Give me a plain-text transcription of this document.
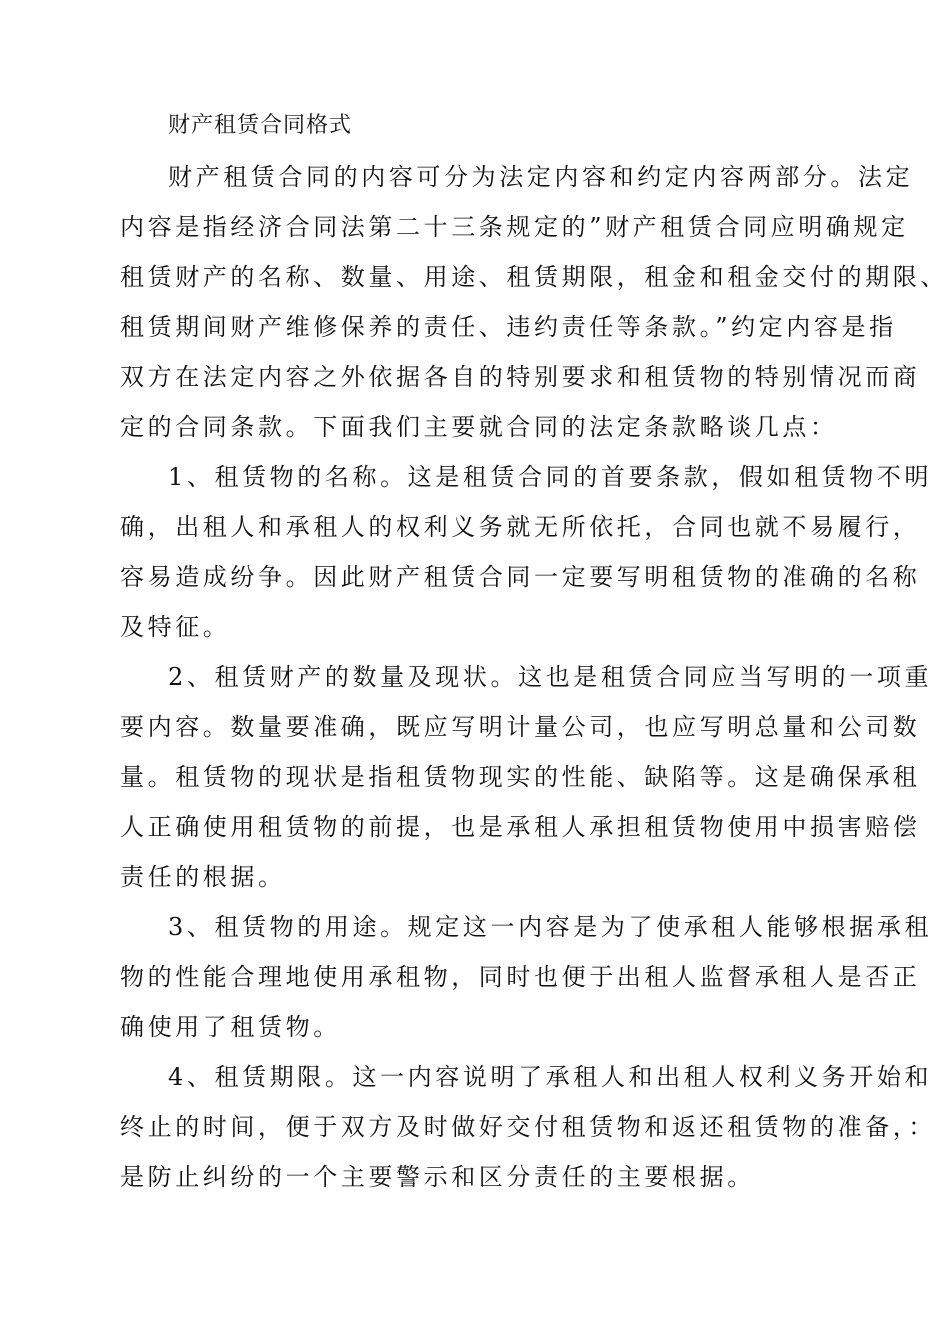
财产租赁合同格式
财产租赁合同的内容可分为法定内容和约定内容两部分。法定
内容是指经济合同法第二十三条规定的”财产租赁合同应明确规定
租赁财产的名称、数量、用途、租赁期限，租金和租金交付的期限、
租赁期间财产维修保养的责任、违约责任等条款。”约定内容是指
双方在法定内容之外依据各自的特别要求和租赁物的特别情况而商
定的合同条款。下面我们主要就合同的法定条款略谈几点：
1、租赁物的名称。这是租赁合同的首要条款，假如租赁物不明
确，出租人和承租人的权利义务就无所依托，合同也就不易履行，
容易造成纷争。因此财产租赁合同一定要写明租赁物的准确的名称
及特征。
2、租赁财产的数量及现状。这也是租赁合同应当写明的一项重
要内容。数量要准确，既应写明计量公司，也应写明总量和公司数
量。租赁物的现状是指租赁物现实的性能、缺陷等。这是确保承租
人正确使用租赁物的前提，也是承租人承担租赁物使用中损害赔偿
责任的根据。
3、租赁物的用途。规定这一内容是为了使承租人能够根据承租
物的性能合理地使用承租物，同时也便于出租人监督承租人是否正
确使用了租赁物。
4、租赁期限。这一内容说明了承租人和出租人权利义务开始和
终止的时间，便于双方及时做好交付租赁物和返还租赁物的准备，：
是防止纠纷的一个主要警示和区分责任的主要根据。
